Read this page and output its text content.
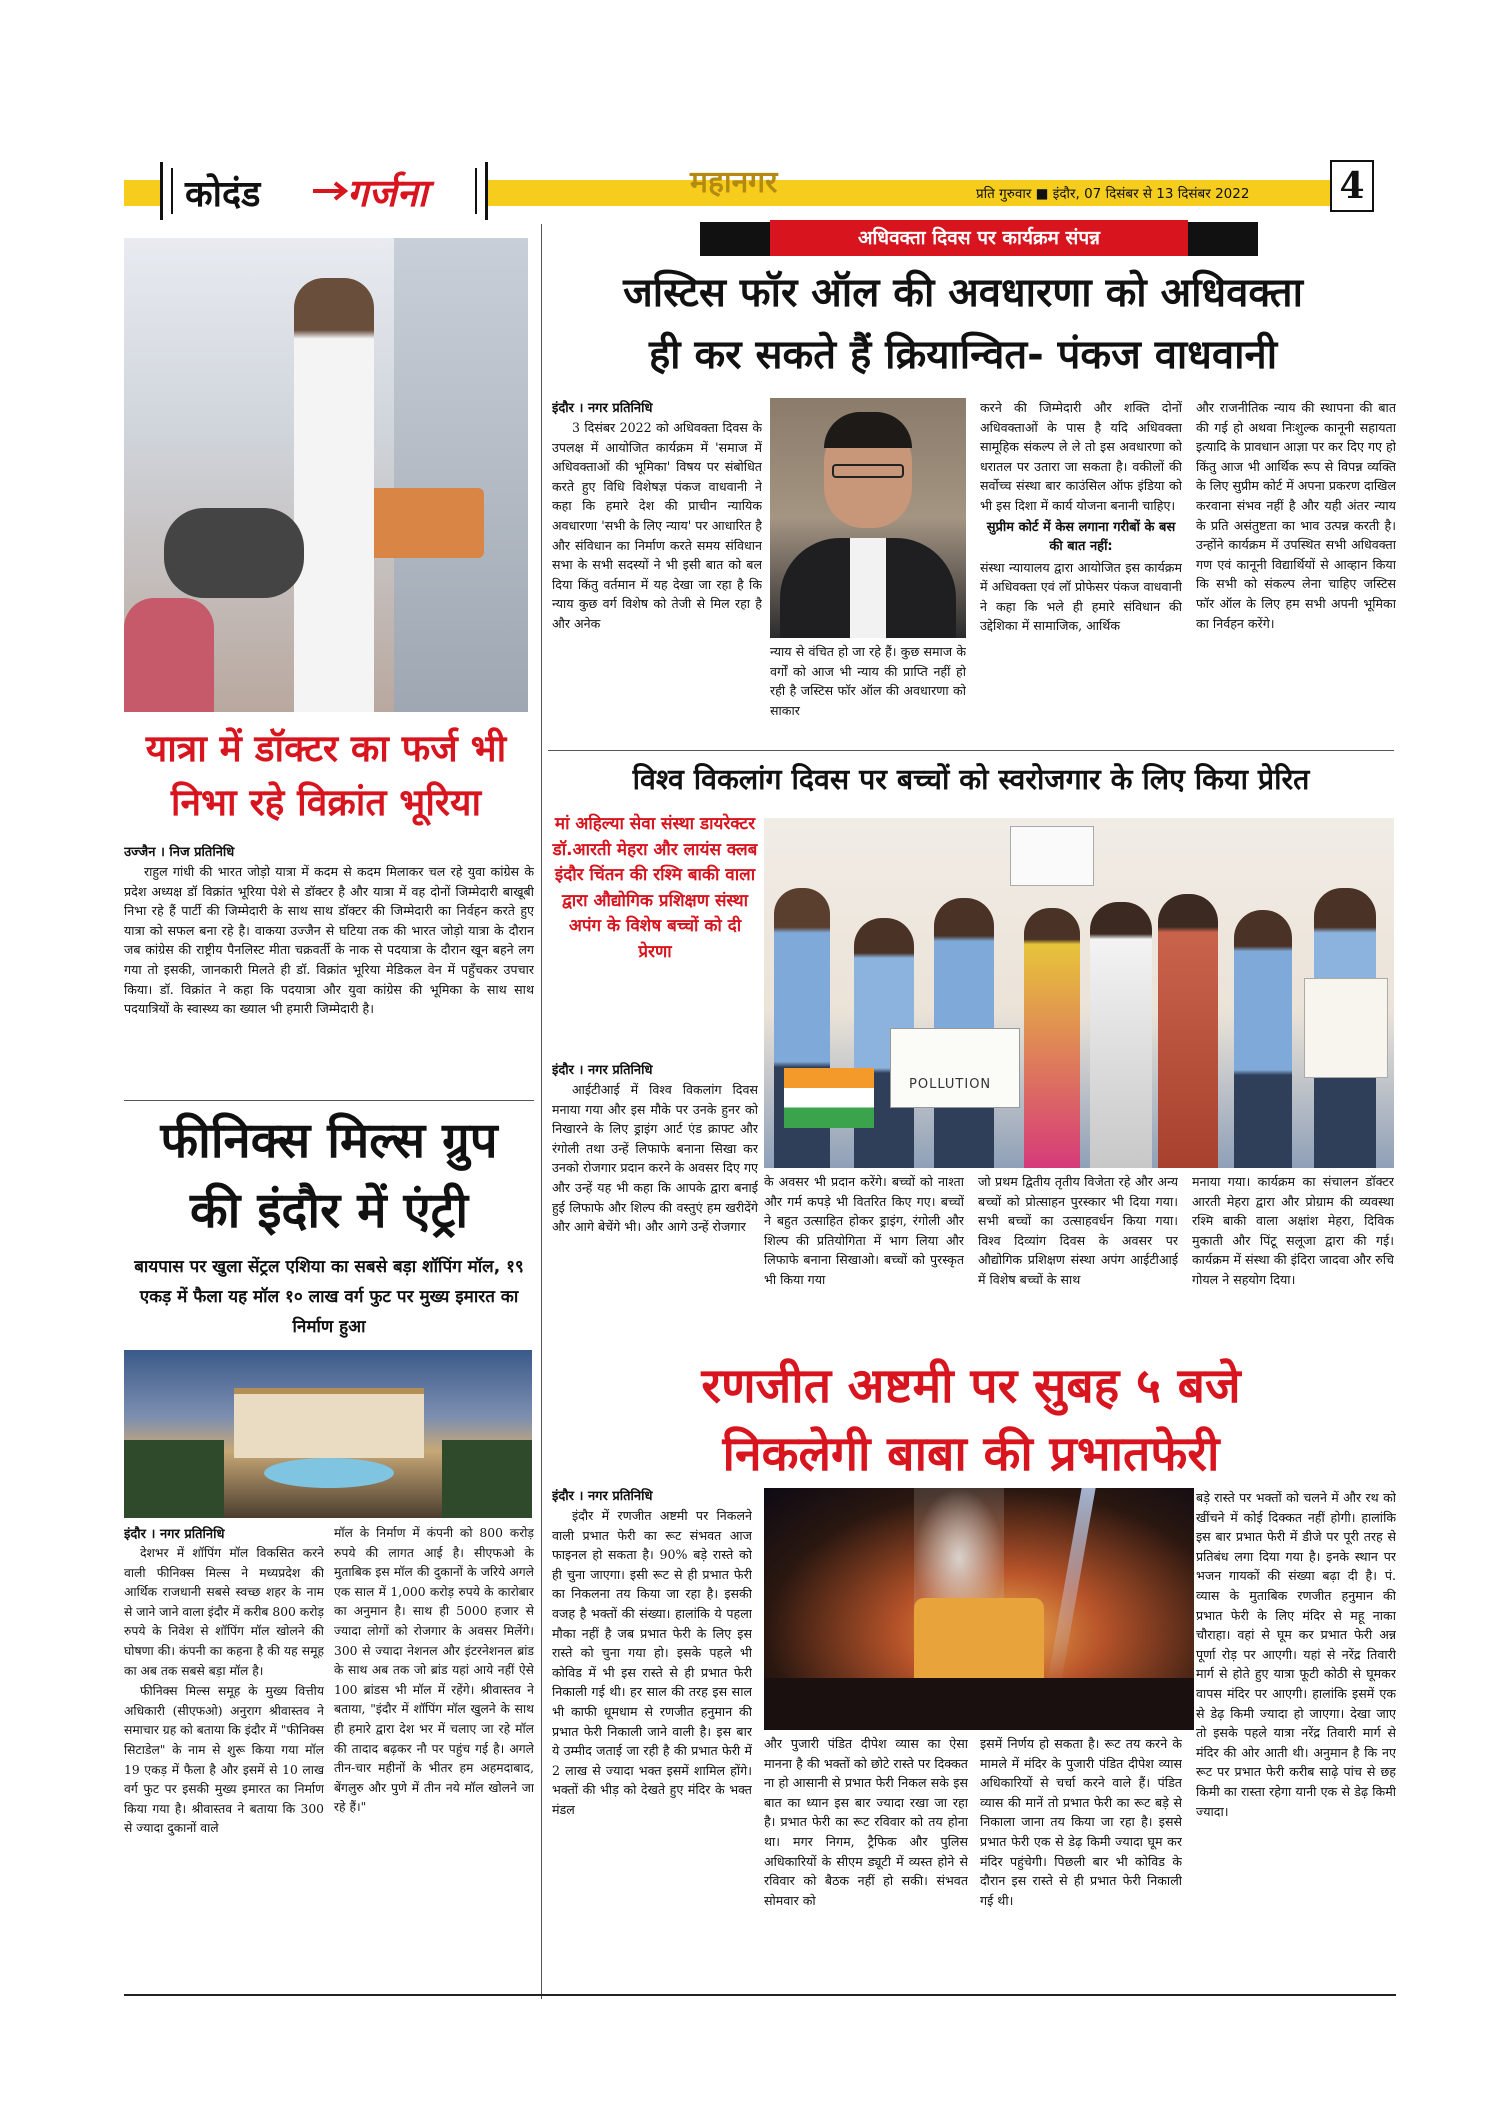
कोदंड गर्जना	महानगर	प्रति गुरुवार ■ इंदौर, 07 दिसंबर से 13 दिसंबर 2022	4
यात्रा में डॉक्टर का फर्ज भी
निभा रहे विक्रांत भूरिया
उज्जैन । निज प्रतिनिधि
राहुल गांधी की भारत जोड़ो यात्रा में कदम से कदम मिलाकर चल रहे युवा कांग्रेस के प्रदेश अध्यक्ष डॉ विक्रांत भूरिया पेशे से डॉक्टर है और यात्रा में वह दोनों जिम्मेदारी बाखूबी निभा रहे हैं पार्टी की जिम्मेदारी के साथ साथ डॉक्टर की जिम्मेदारी का निर्वहन करते हुए यात्रा को सफल बना रहे है। वाकया उज्जैन से घटिया तक की भारत जोड़ो यात्रा के दौरान जब कांग्रेस की राष्ट्रीय पैनलिस्ट मीता चक्रवर्ती के नाक से पदयात्रा के दौरान खून बहने लग गया तो इसकी, जानकारी मिलते ही डॉ. विक्रांत भूरिया मेडिकल वेन में पहुँचकर उपचार किया। डॉ. विक्रांत ने कहा कि पदयात्रा और युवा कांग्रेस की भूमिका के साथ साथ पदयात्रियों के स्वास्थ्य का ख्याल भी हमारी जिम्मेदारी है।
फीनिक्स मिल्स ग्रुप
की इंदौर में एंट्री
बायपास पर खुला सेंट्रल एशिया का सबसे बड़ा शॉपिंग मॉल, १९ एकड़ में फैला यह मॉल १० लाख वर्ग फुट पर मुख्य इमारत का निर्माण हुआ
इंदौर । नगर प्रतिनिधि

देशभर में शॉपिंग मॉल विकसित करने वाली फीनिक्स मिल्स ने मध्यप्रदेश की आर्थिक राजधानी सबसे स्वच्छ शहर के नाम से जाने जाने वाला इंदौर में करीब 800 करोड़ रुपये के निवेश से शॉपिंग मॉल खोलने की घोषणा की। कंपनी का कहना है की यह समूह का अब तक सबसे बड़ा मॉल है।

फीनिक्स मिल्स समूह के मुख्य वित्तीय अधिकारी (सीएफओ) अनुराग श्रीवास्तव ने समाचार ग्रह को बताया कि इंदौर में "फीनिक्स सिटाडेल" के नाम से शुरू किया गया मॉल 19 एकड़ में फैला है और इसमें से 10 लाख वर्ग फुट पर इसकी मुख्य इमारत का निर्माण किया गया है। श्रीवास्तव ने बताया कि 300 से ज्यादा दुकानों वाले

मॉल के निर्माण में कंपनी को 800 करोड़ रुपये की लागत आई है। सीएफओ के मुताबिक इस मॉल की दुकानों के जरिये अगले एक साल में 1,000 करोड़ रुपये के कारोबार का अनुमान है। साथ ही 5000 हजार से ज्यादा लोगों को रोजगार के अवसर मिलेंगे। 300 से ज्यादा नेशनल और इंटरनेशनल ब्रांड के साथ अब तक जो ब्रांड यहां आये नहीं ऐसे 100 ब्रांडस भी मॉल में रहेंगे। श्रीवास्तव ने बताया, "इंदौर में शॉपिंग मॉल खुलने के साथ ही हमारे द्वारा देश भर में चलाए जा रहे मॉल की तादाद बढ़कर नौ पर पहुंच गई है। अगले तीन-चार महीनों के भीतर हम अहमदाबाद, बेंगलुरु और पुणे में तीन नये मॉल खोलने जा रहे हैं।"
अधिवक्ता दिवस पर कार्यक्रम संपन्न
जस्टिस फॉर ऑल की अवधारणा को अधिवक्ता
ही कर सकते हैं क्रियान्वित- पंकज वाधवानी
इंदौर । नगर प्रतिनिधि
3 दिसंबर 2022 को अधिवक्ता दिवस के उपलक्ष में आयोजित कार्यक्रम में 'समाज में अधिवक्ताओं की भूमिका' विषय पर संबोधित करते हुए विधि विशेषज्ञ पंकज वाधवानी ने कहा कि हमारे देश की प्राचीन न्यायिक अवधारणा 'सभी के लिए न्याय' पर आधारित है और संविधान का निर्माण करते समय संविधान सभा के सभी सदस्यों ने भी इसी बात को बल दिया किंतु वर्तमान में यह देखा जा रहा है कि न्याय कुछ वर्ग विशेष को तेजी से मिल रहा है और अनेक
न्याय से वंचित हो जा रहे हैं। कुछ समाज के वर्गों को आज भी न्याय की प्राप्ति नहीं हो रही है जस्टिस फॉर ऑल की अवधारणा को साकार

करने की जिम्मेदारी और शक्ति दोनों अधिवक्ताओं के पास है यदि अधिवक्ता सामूहिक संकल्प ले ले तो इस अवधारणा को धरातल पर उतारा जा सकता है। वकीलों की सर्वोच्च संस्था बार काउंसिल ऑफ इंडिया को भी इस दिशा में कार्य योजना बनानी चाहिए।

सुप्रीम कोर्ट में केस लगाना गरीबों के बस की बात नहीं:

संस्था न्यायालय द्वारा आयोजित इस कार्यक्रम में अधिवक्ता एवं लॉ प्रोफेसर पंकज वाधवानी ने कहा कि भले ही हमारे संविधान की उद्देशिका में सामाजिक, आर्थिक

और राजनीतिक न्याय की स्थापना की बात की गई हो अथवा निःशुल्क कानूनी सहायता इत्यादि के प्रावधान आज्ञा पर कर दिए गए हो किंतु आज भी आर्थिक रूप से विपन्न व्यक्ति के लिए सुप्रीम कोर्ट में अपना प्रकरण दाखिल करवाना संभव नहीं है और यही अंतर न्याय के प्रति असंतुष्टता का भाव उत्पन्न करती है। उन्होंने कार्यक्रम में उपस्थित सभी अधिवक्ता गण एवं कानूनी विद्यार्थियों से आव्हान किया कि सभी को संकल्प लेना चाहिए जस्टिस फॉर ऑल के लिए हम सभी अपनी भूमिका का निर्वहन करेंगे।
विश्व विकलांग दिवस पर बच्चों को स्वरोजगार के लिए किया प्रेरित
मां अहिल्या सेवा संस्था डायरेक्टर डॉ.आरती मेहरा और लायंस क्लब इंदौर चिंतन की रश्मि बाकी वाला द्वारा औद्योगिक प्रशिक्षण संस्था अपंग के विशेष बच्चों को दी प्रेरणा
इंदौर । नगर प्रतिनिधि
आईटीआई में विश्व विकलांग दिवस मनाया गया और इस मौके पर उनके हुनर को निखारने के लिए ड्राइंग आर्ट एंड क्राफ्ट और रंगोली तथा उन्हें लिफाफे बनाना सिखा कर उनको रोजगार प्रदान करने के अवसर दिए गए और उन्हें यह भी कहा कि आपके द्वारा बनाई हुई लिफाफे और शिल्प की वस्तुएं हम खरीदेंगे और आगे बेचेंगे भी। और आगे उन्हें रोजगार
POLLUTION
के अवसर भी प्रदान करेंगे। बच्चों को नाश्ता और गर्म कपड़े भी वितरित किए गए। बच्चों ने बहुत उत्साहित होकर ड्राइंग, रंगोली और शिल्प की प्रतियोगिता में भाग लिया और लिफाफे बनाना सिखाओ। बच्चों को पुरस्कृत भी किया गया
जो प्रथम द्वितीय तृतीय विजेता रहे और अन्य बच्चों को प्रोत्साहन पुरस्कार भी दिया गया। सभी बच्चों का उत्साहवर्धन किया गया। विश्व दिव्यांग दिवस के अवसर पर औद्योगिक प्रशिक्षण संस्था अपंग आईटीआई में विशेष बच्चों के साथ
मनाया गया। कार्यक्रम का संचालन डॉक्टर आरती मेहरा द्वारा और प्रोग्राम की व्यवस्था रश्मि बाकी वाला अक्षांश मेहरा, दिविक मुकाती और पिंटू सलूजा द्वारा की गई। कार्यक्रम में संस्था की इंदिरा जादवा और रुचि गोयल ने सहयोग दिया।
रणजीत अष्टमी पर सुबह ५ बजे
निकलेगी बाबा की प्रभातफेरी
इंदौर । नगर प्रतिनिधि
इंदौर में रणजीत अष्टमी पर निकलने वाली प्रभात फेरी का रूट संभवत आज फाइनल हो सकता है। 90% बड़े रास्ते को ही चुना जाएगा। इसी रूट से ही प्रभात फेरी का निकलना तय किया जा रहा है। इसकी वजह है भक्तों की संख्या। हालांकि ये पहला मौका नहीं है जब प्रभात फेरी के लिए इस रास्ते को चुना गया हो। इसके पहले भी कोविड में भी इस रास्ते से ही प्रभात फेरी निकाली गई थी। हर साल की तरह इस साल भी काफी धूमधाम से रणजीत हनुमान की प्रभात फेरी निकाली जाने वाली है। इस बार ये उम्मीद जताई जा रही है की प्रभात फेरी में 2 लाख से ज्यादा भक्त इसमें शामिल होंगे। भक्तों की भीड़ को देखते हुए मंदिर के भक्त मंडल
और पुजारी पंडित दीपेश व्यास का ऐसा मानना है की भक्तों को छोटे रास्ते पर दिक्कत ना हो आसानी से प्रभात फेरी निकल सके इस बात का ध्यान इस बार ज्यादा रखा जा रहा है। प्रभात फेरी का रूट रविवार को तय होना था। मगर निगम, ट्रैफिक और पुलिस अधिकारियों के सीएम ड्यूटी में व्यस्त होने से रविवार को बैठक नहीं हो सकी। संभवत सोमवार को
इसमें निर्णय हो सकता है। रूट तय करने के मामले में मंदिर के पुजारी पंडित दीपेश व्यास अधिकारियों से चर्चा करने वाले हैं। पंडित व्यास की मानें तो प्रभात फेरी का रूट बड़े से निकाला जाना तय किया जा रहा है। इससे प्रभात फेरी एक से डेढ़ किमी ज्यादा घूम कर मंदिर पहुंचेगी। पिछली बार भी कोविड के दौरान इस रास्ते से ही प्रभात फेरी निकाली गई थी।
बड़े रास्ते पर भक्तों को चलने में और रथ को खींचने में कोई दिक्कत नहीं होगी। हालांकि इस बार प्रभात फेरी में डीजे पर पूरी तरह से प्रतिबंध लगा दिया गया है। इनके स्थान पर भजन गायकों की संख्या बढ़ा दी है। पं. व्यास के मुताबिक रणजीत हनुमान की प्रभात फेरी के लिए मंदिर से महू नाका चौराहा। वहां से घूम कर प्रभात फेरी अन्न पूर्णा रोड़ पर आएगी। यहां से नरेंद्र तिवारी मार्ग से होते हुए यात्रा फूटी कोठी से घूमकर वापस मंदिर पर आएगी। हालांकि इसमें एक से डेढ़ किमी ज्यादा हो जाएगा। देखा जाए तो इसके पहले यात्रा नरेंद्र तिवारी मार्ग से मंदिर की ओर आती थी। अनुमान है कि नए रूट पर प्रभात फेरी करीब साढ़े पांच से छह किमी का रास्ता रहेगा यानी एक से डेढ़ किमी ज्यादा।
